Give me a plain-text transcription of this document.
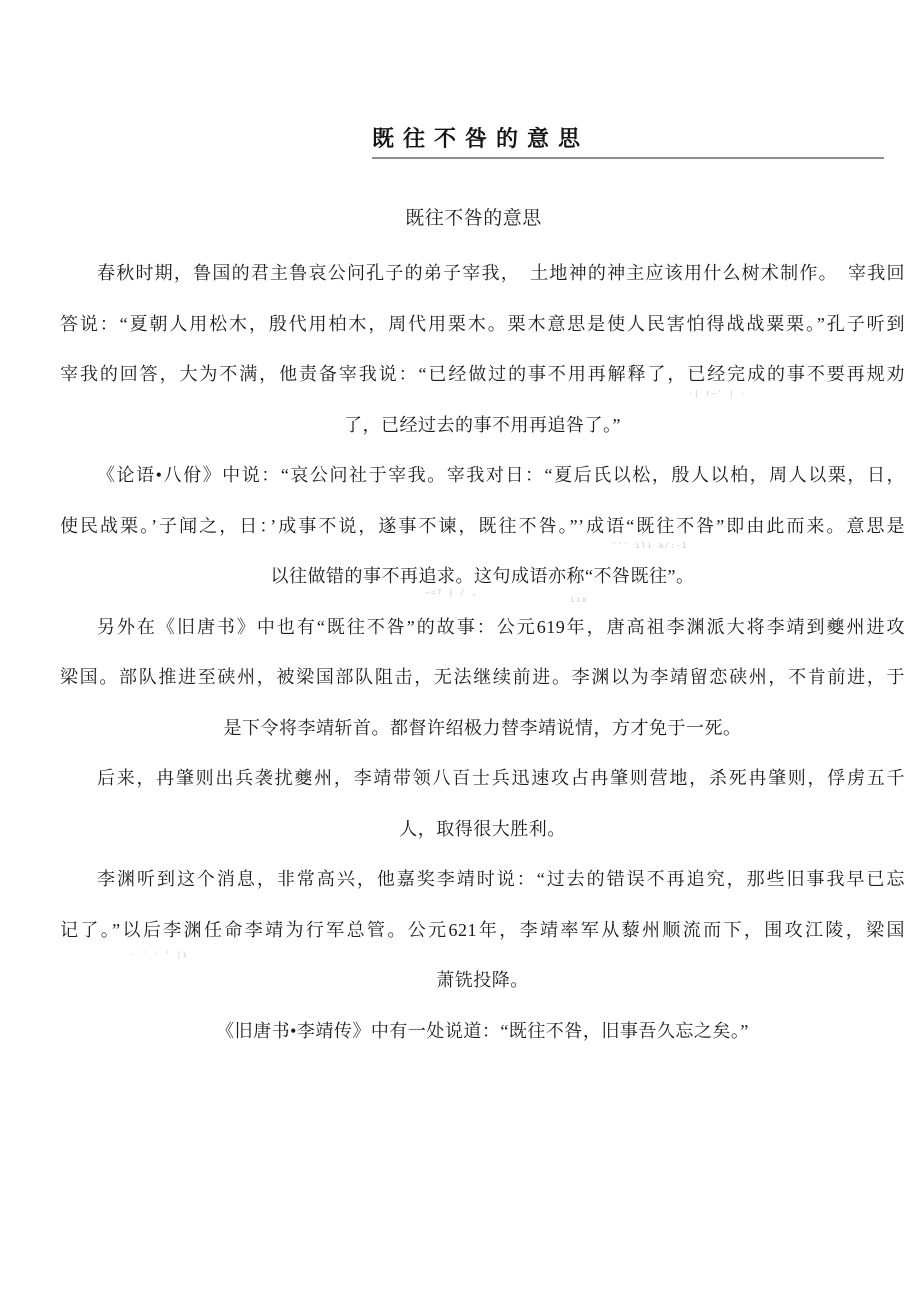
既往不咎的意思
既往不咎的意思
春秋时期，鲁国的君主鲁哀公问孔子的弟子宰我，　土地神的神主应该用什么树术制作。　宰我回
答说：“夏朝人用松木，殷代用柏木，周代用栗木。栗木意思是使人民害怕得战战粟栗。”孔子听到
宰我的回答，大为不满，他责备宰我说：“已经做过的事不用再解释了，已经完成的事不要再规劝
了，已经过去的事不用再追咎了。”
《论语•八佾》中说：“哀公问社于宰我。宰我对日：“夏后氏以松，殷人以柏，周人以栗，日，
使民战栗。’子闻之，日：’成事不说，遂事不谏，既往不咎。”’成语“既往不咎”即由此而来。意思是
以往做错的事不再追求。这句成语亦称“不咎既往”。
另外在《旧唐书》中也有“既往不咎”的故事：公元619年，唐高祖李渊派大将李靖到夔州进攻
梁国。部队推进至硖州，被梁国部队阻击，无法继续前进。李渊以为李靖留恋硖州，不肯前进，于
是下令将李靖斩首。都督许绍极力替李靖说情，方才免于一死。
后来，冉肇则出兵袭扰夔州，李靖带领八百士兵迅速攻占冉肇则营地，杀死冉肇则，俘虏五千
人，取得很大胜利。
李渊听到这个消息，非常高兴，他嘉奖李靖时说：“过去的错误不再追究，那些旧事我早已忘
记了。”以后李渊任命李靖为行军总管。公元621年，李靖率军从藜州顺流而下，围攻江陵，梁国
萧铣投降。
《旧唐书•李靖传》中有一处说道：“既往不咎，旧事吾久忘之矣。”
·| r—' | ·
''' ılı a/:·1
—=7 ] / ,
ııx
· ' ' ' |ı
